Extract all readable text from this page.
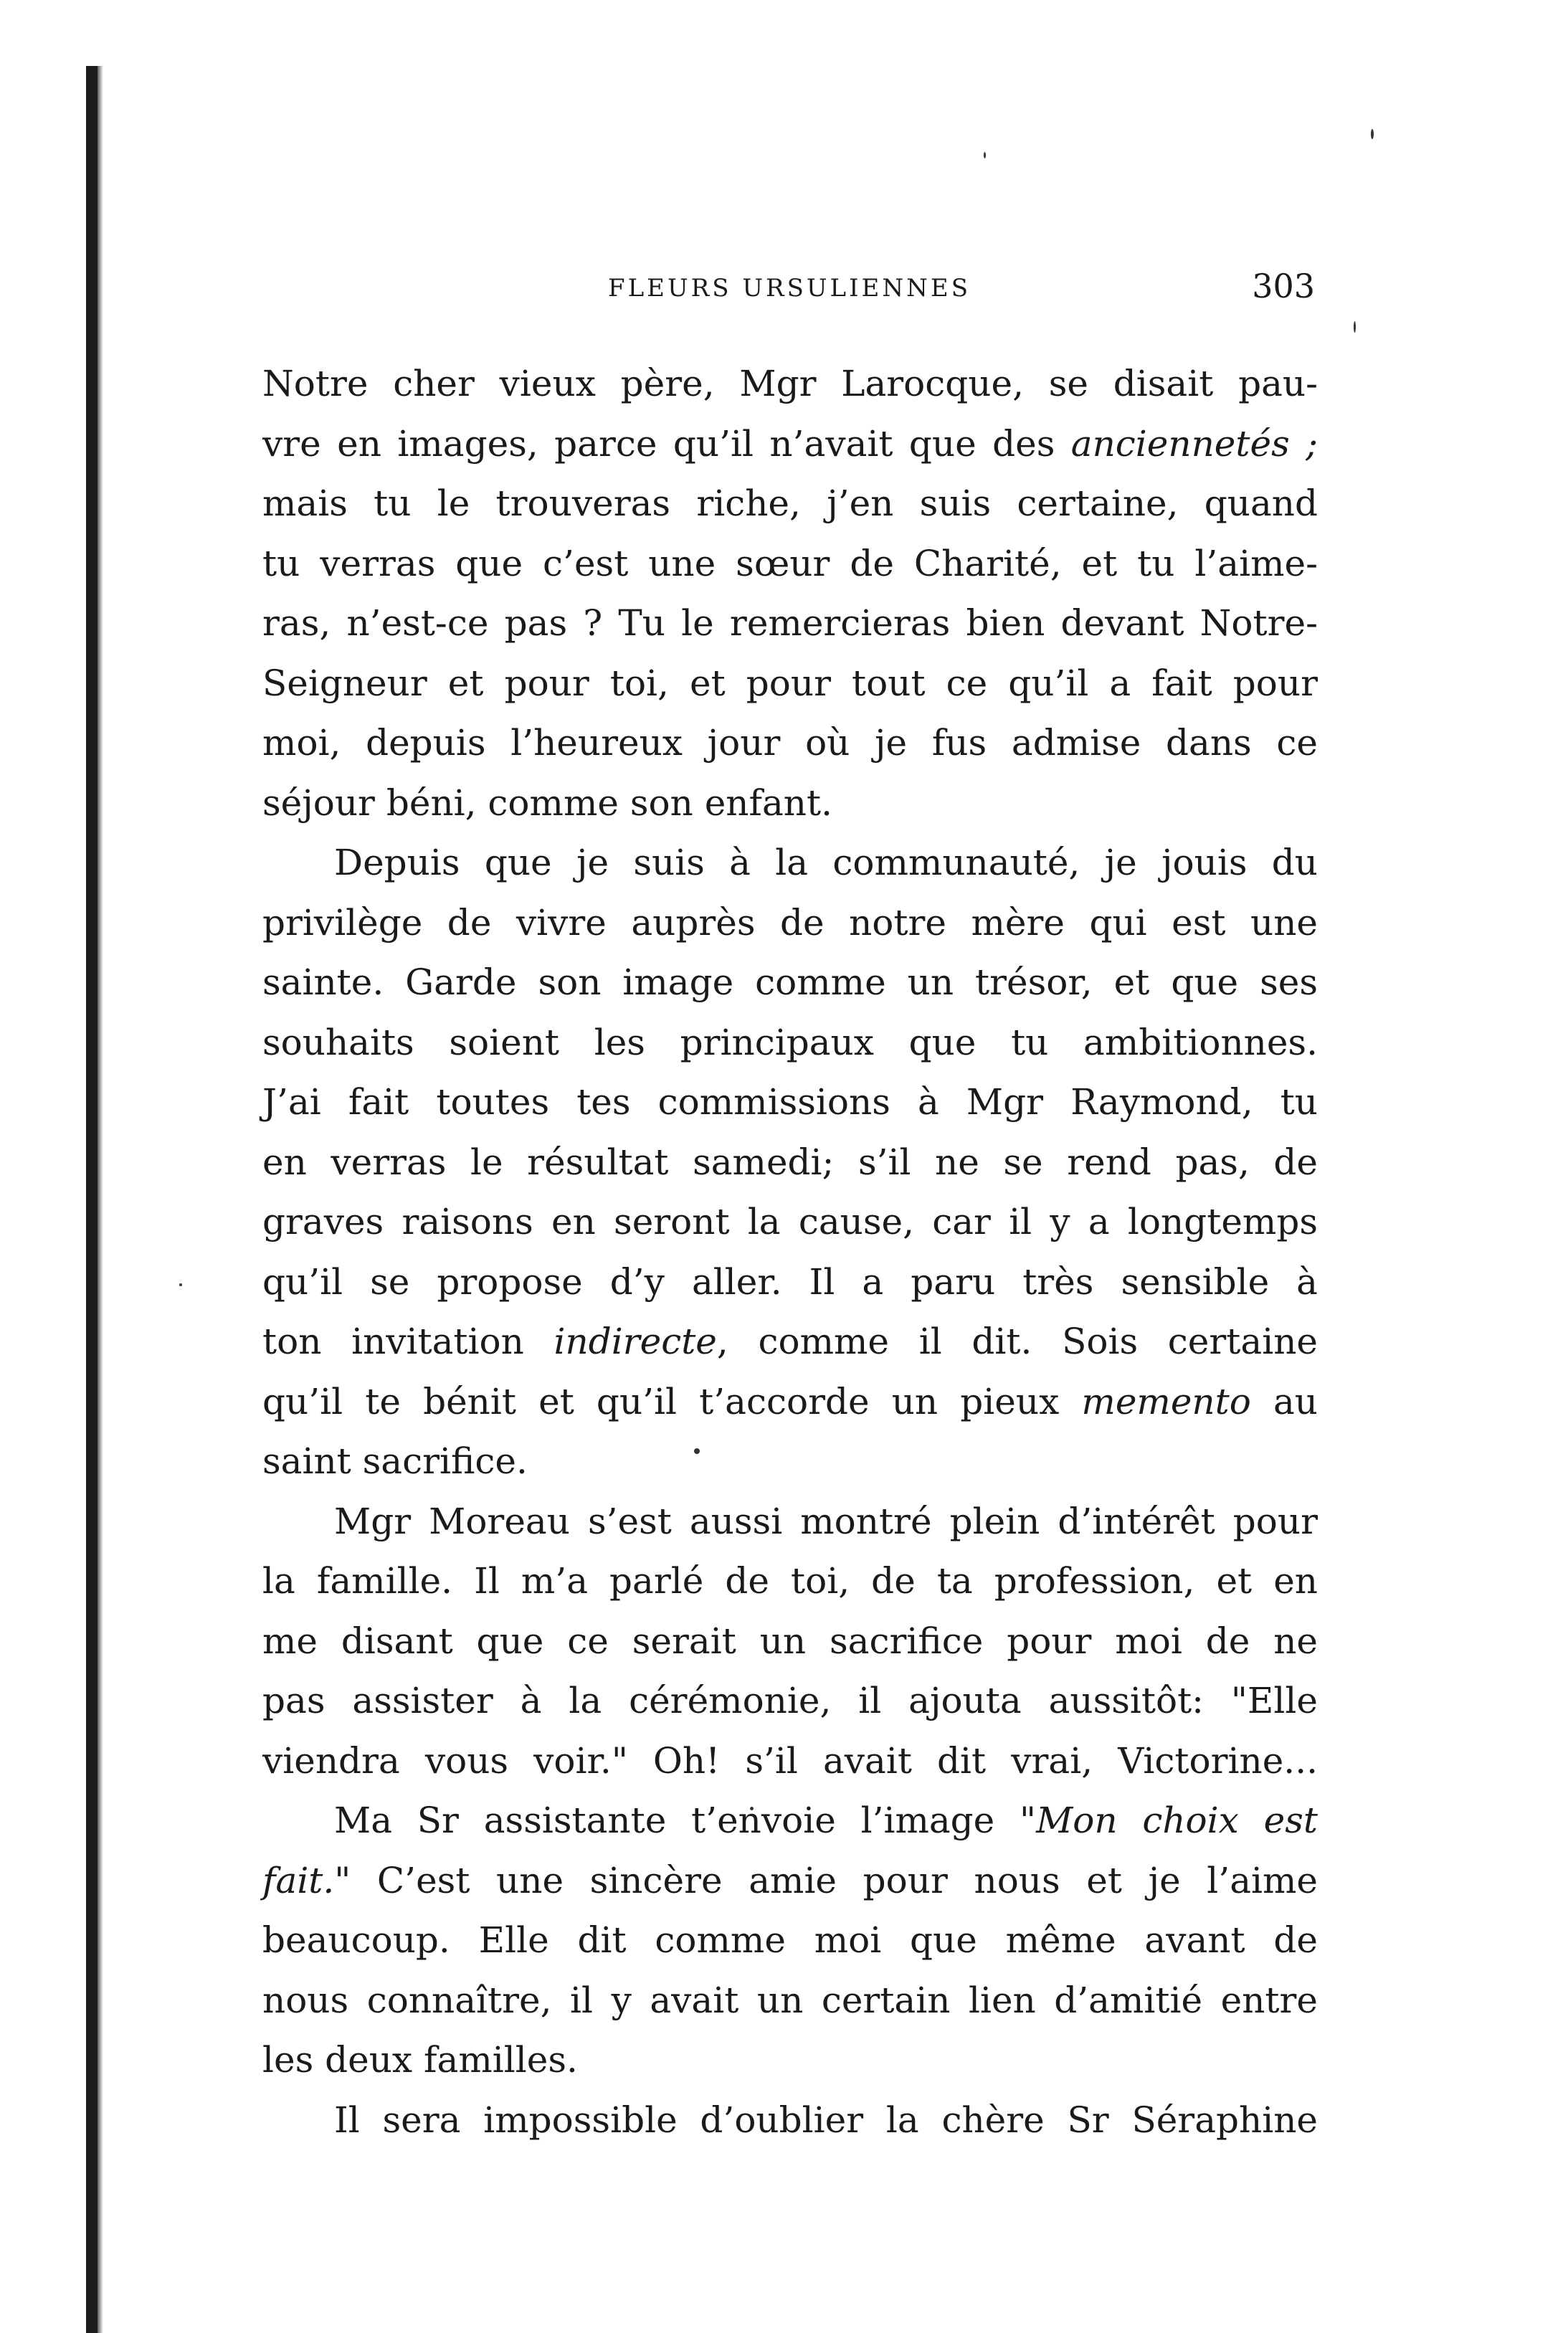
FLEURS URSULIENNES	303
Notre cher vieux père, Mgr Larocque, se disait pau-
vre en images, parce qu’il n’avait que des anciennetés ;
mais tu le trouveras riche, j’en suis certaine, quand
tu verras que c’est une sœur de Charité, et tu l’aime-
ras, n’est-ce pas ? Tu le remercieras bien devant Notre-
Seigneur et pour toi, et pour tout ce qu’il a fait pour
moi, depuis l’heureux jour où je fus admise dans ce
séjour béni, comme son enfant.
Depuis que je suis à la communauté, je jouis du
privilège de vivre auprès de notre mère qui est une
sainte. Garde son image comme un trésor, et que ses
souhaits soient les principaux que tu ambitionnes.
J’ai fait toutes tes commissions à Mgr Raymond, tu
en verras le résultat samedi; s’il ne se rend pas, de
graves raisons en seront la cause, car il y a longtemps
qu’il se propose d’y aller. Il a paru très sensible à
ton invitation indirecte, comme il dit. Sois certaine
qu’il te bénit et qu’il t’accorde un pieux memento au
saint sacrifice.
Mgr Moreau s’est aussi montré plein d’intérêt pour
la famille. Il m’a parlé de toi, de ta profession, et en
me disant que ce serait un sacrifice pour moi de ne
pas assister à la cérémonie, il ajouta aussitôt: "Elle
viendra vous voir." Oh! s’il avait dit vrai, Victorine...
Ma Sr assistante t’envoie l’image "Mon choix est
fait." C’est une sincère amie pour nous et je l’aime
beaucoup. Elle dit comme moi que même avant de
nous connaître, il y avait un certain lien d’amitié entre
les deux familles.
Il sera impossible d’oublier la chère Sr Séraphine
